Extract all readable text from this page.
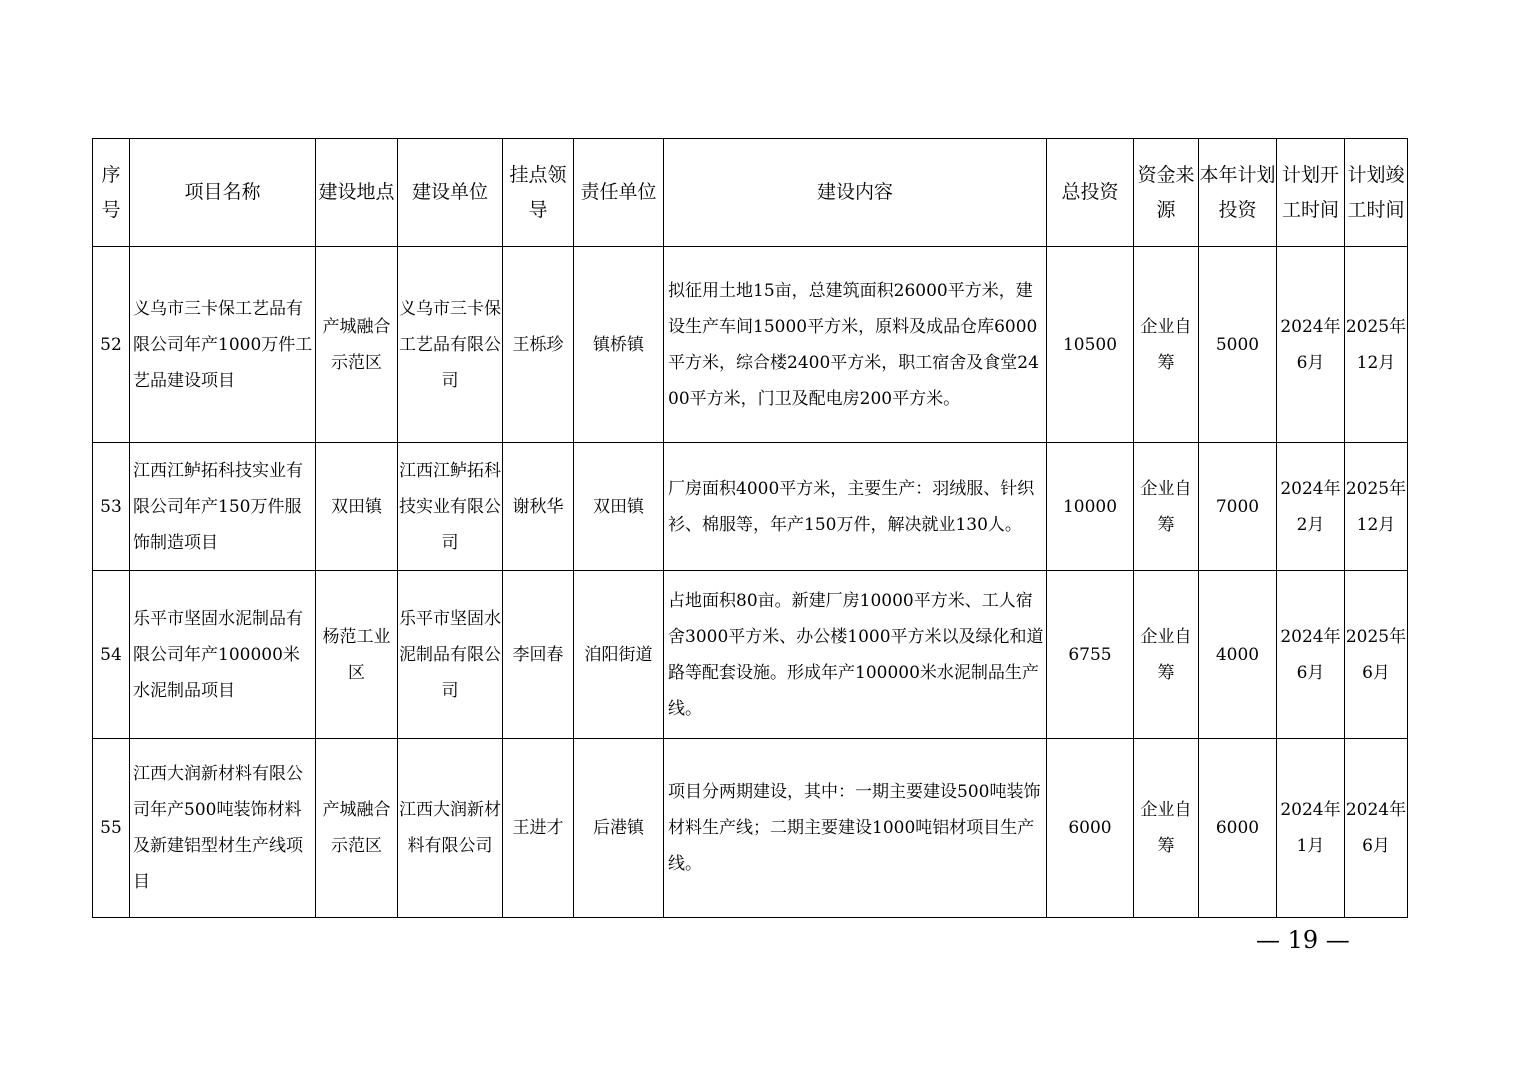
序号	项目名称	建设地点	建设单位	挂点领导	责任单位	建设内容	总投资	资金来源	本年计划投资	计划开工时间	计划竣工时间
52	义乌市三卡保工艺品有限公司年产1000万件工艺品建设项目	产城融合示范区	义乌市三卡保工艺品有限公司	王栎珍	镇桥镇	拟征用土地15亩，总建筑面积26000平方米，建设生产车间15000平方米，原料及成品仓库6000平方米，综合楼2400平方米，职工宿舍及食堂2400平方米，门卫及配电房200平方米。	10500	企业自筹	5000	2024年6月	2025年12月
53	江西江鲈拓科技实业有限公司年产150万件服饰制造项目	双田镇	江西江鲈拓科技实业有限公司	谢秋华	双田镇	厂房面积4000平方米，主要生产：羽绒服、针织衫、棉服等，年产150万件，解决就业130人。	10000	企业自筹	7000	2024年2月	2025年12月
54	乐平市坚固水泥制品有限公司年产100000米水泥制品项目	杨范工业区	乐平市坚固水泥制品有限公司	李回春	洎阳街道	占地面积80亩。新建厂房10000平方米、工人宿舍3000平方米、办公楼1000平方米以及绿化和道路等配套设施。形成年产100000米水泥制品生产线。	6755	企业自筹	4000	2024年6月	2025年6月
55	江西大润新材料有限公司年产500吨装饰材料及新建铝型材生产线项目	产城融合示范区	江西大润新材料有限公司	王进才	后港镇	项目分两期建设，其中：一期主要建设500吨装饰材料生产线；二期主要建设1000吨铝材项目生产线。	6000	企业自筹	6000	2024年1月	2024年6月
— 19 —
